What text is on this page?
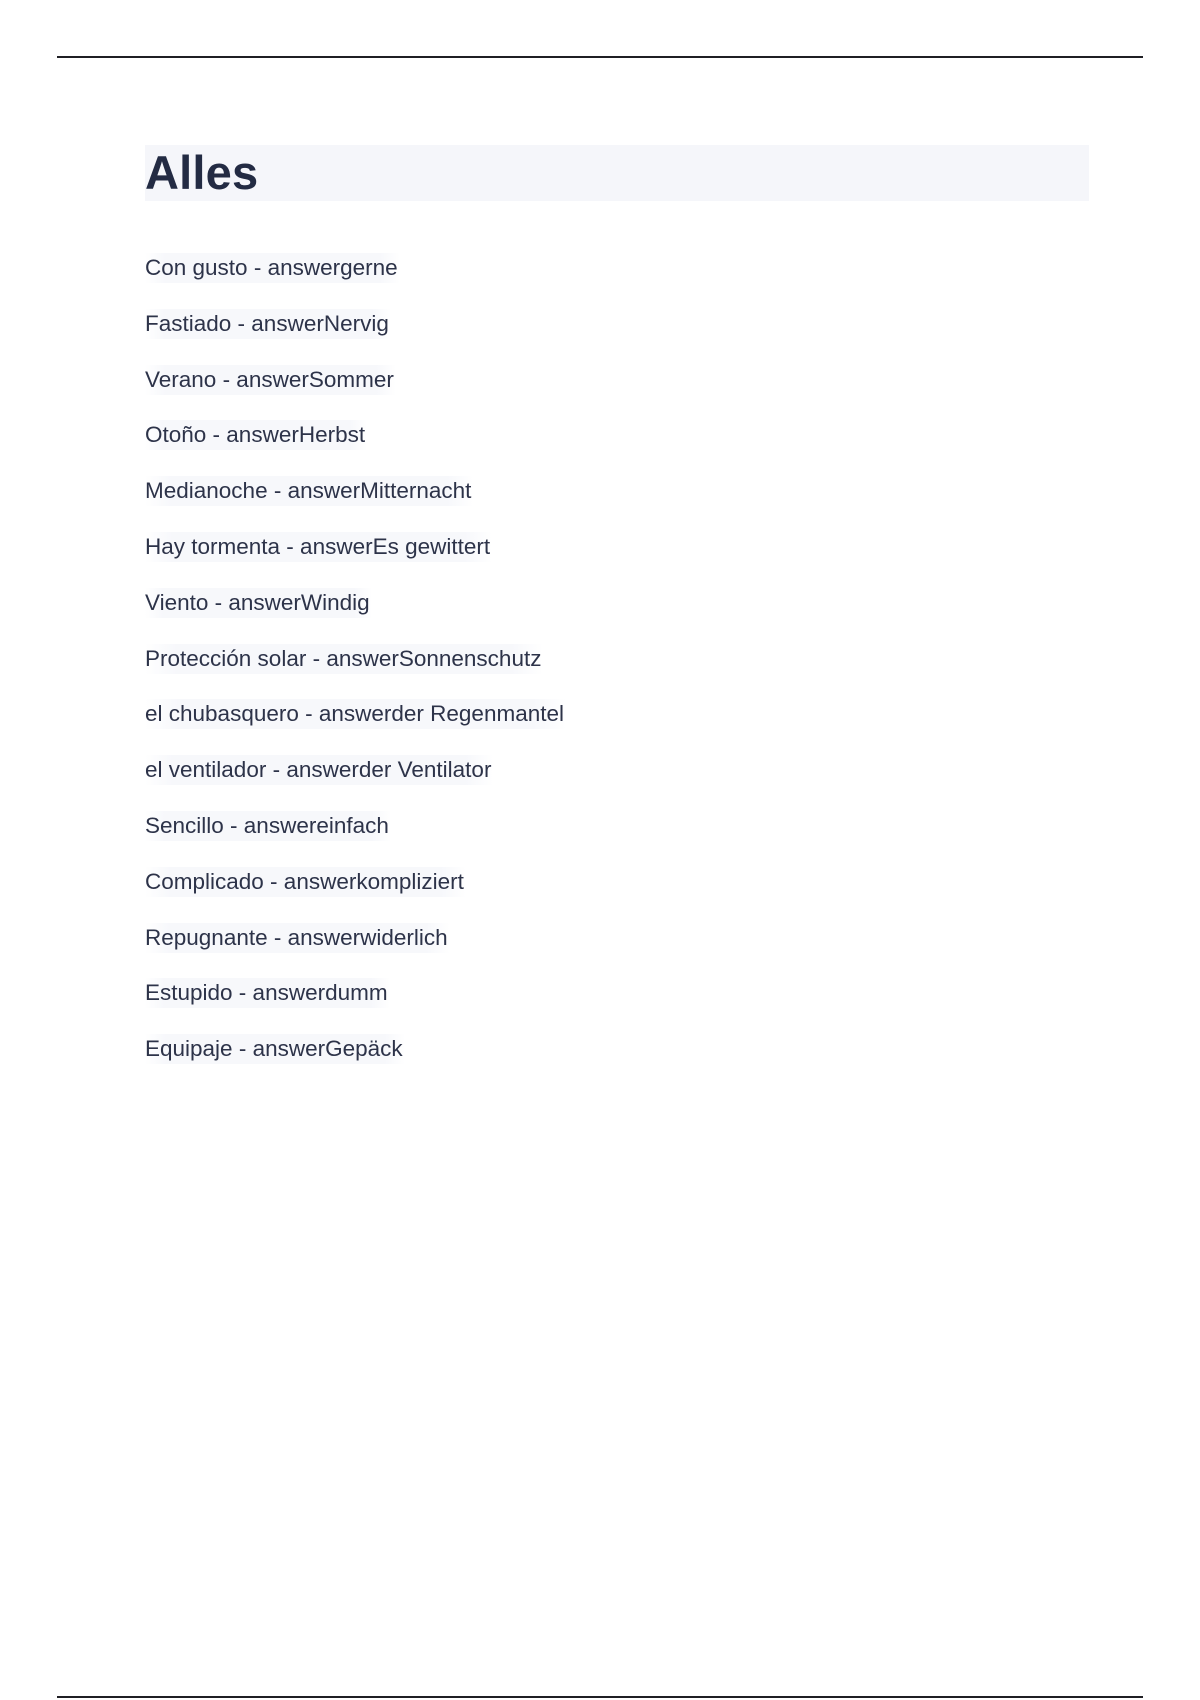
Alles
Con gusto - answergerne
Fastiado - answerNervig
Verano - answerSommer
Otoño - answerHerbst
Medianoche - answerMitternacht
Hay tormenta - answerEs gewittert
Viento - answerWindig
Protección solar - answerSonnenschutz
el chubasquero - answerder Regenmantel
el ventilador - answerder Ventilator
Sencillo - answereinfach
Complicado - answerkompliziert
Repugnante - answerwiderlich
Estupido - answerdumm
Equipaje - answerGepäck
